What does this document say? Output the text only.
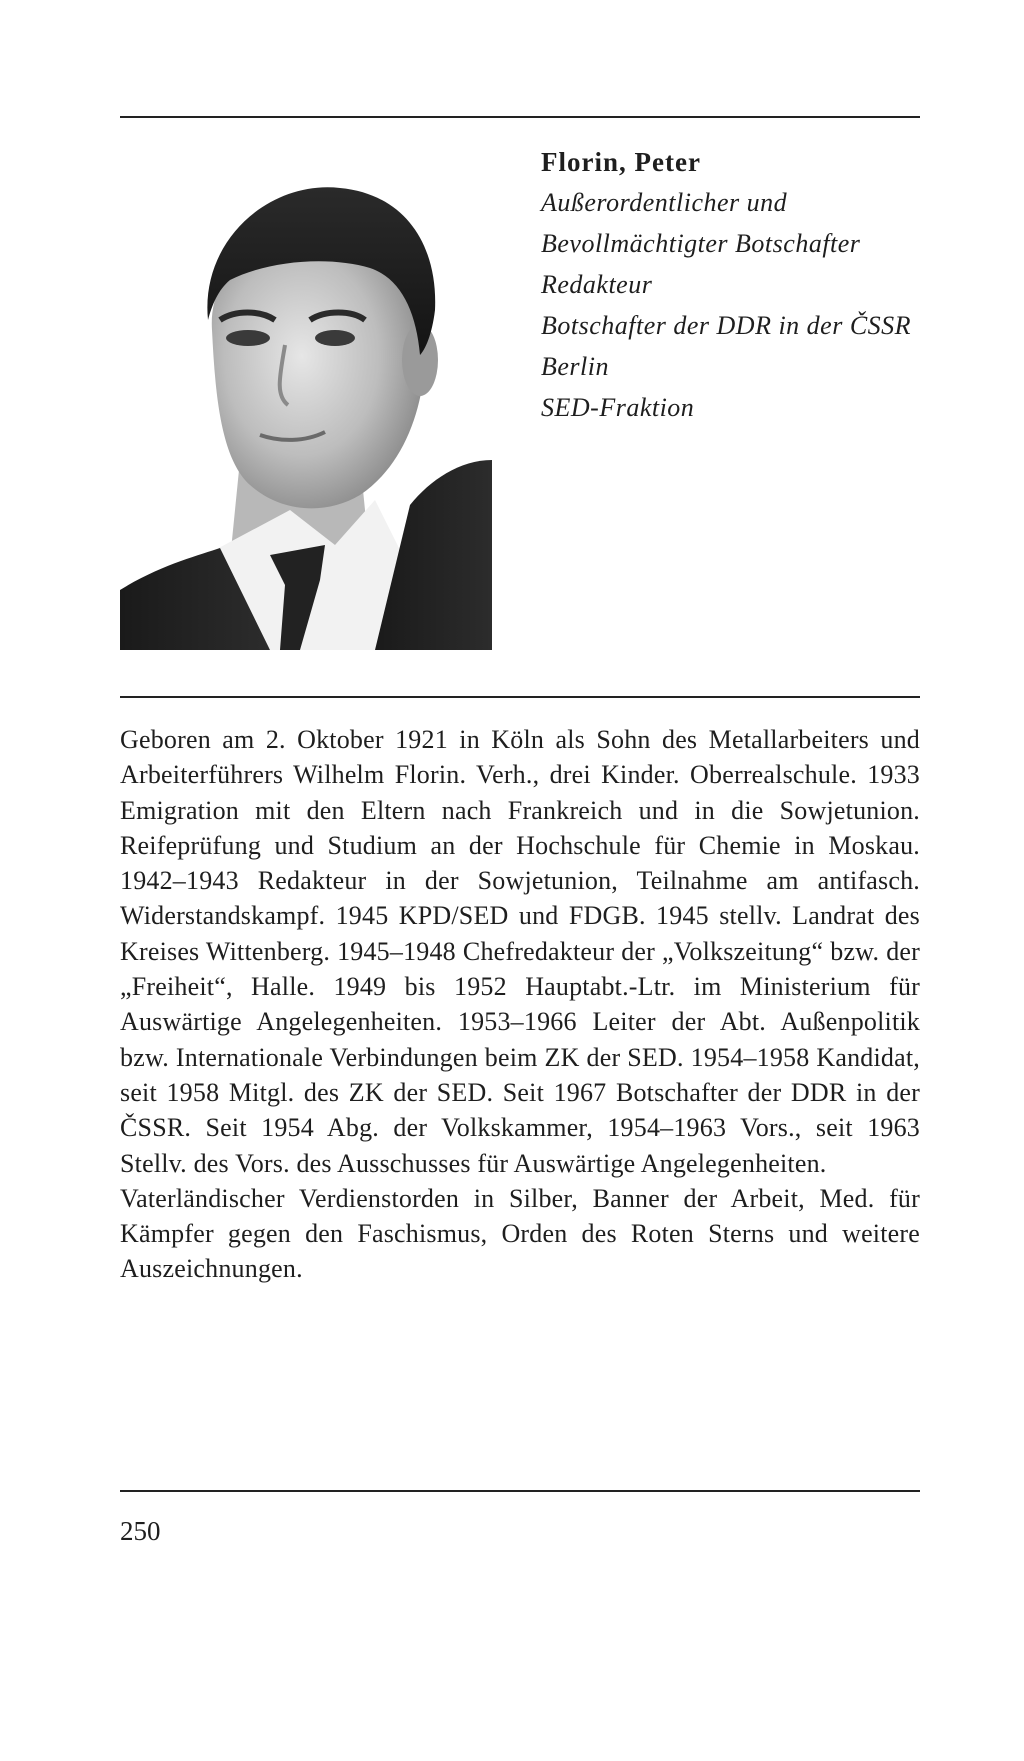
Florin, Peter
Außerordentlicher und
Bevollmächtigter Botschafter
Redakteur
Botschafter der DDR in der ČSSR
Berlin
SED-Fraktion

Geboren am 2. Oktober 1921 in Köln als Sohn des Metallarbeiters und Arbeiterführers Wilhelm Florin. Verh., drei Kinder. Oberrealschule. 1933 Emigration mit den Eltern nach Frankreich und in die Sowjetunion. Reifeprüfung und Studium an der Hochschule für Chemie in Moskau. 1942–1943 Redakteur in der Sowjetunion, Teilnahme am antifasch. Widerstandskampf. 1945 KPD/SED und FDGB. 1945 stellv. Landrat des Kreises Wittenberg. 1945–1948 Chefredakteur der „Volkszeitung“ bzw. der „Freiheit“, Halle. 1949 bis 1952 Hauptabt.-Ltr. im Ministerium für Auswärtige Angelegenheiten. 1953–1966 Leiter der Abt. Außenpolitik bzw. Internationale Verbindungen beim ZK der SED. 1954–1958 Kandidat, seit 1958 Mitgl. des ZK der SED. Seit 1967 Botschafter der DDR in der ČSSR. Seit 1954 Abg. der Volkskammer, 1954–1963 Vors., seit 1963 Stellv. des Vors. des Ausschusses für Auswärtige Angelegenheiten.

Vaterländischer Verdienstorden in Silber, Banner der Arbeit, Med. für Kämpfer gegen den Faschismus, Orden des Roten Sterns und weitere Auszeichnungen.

250
